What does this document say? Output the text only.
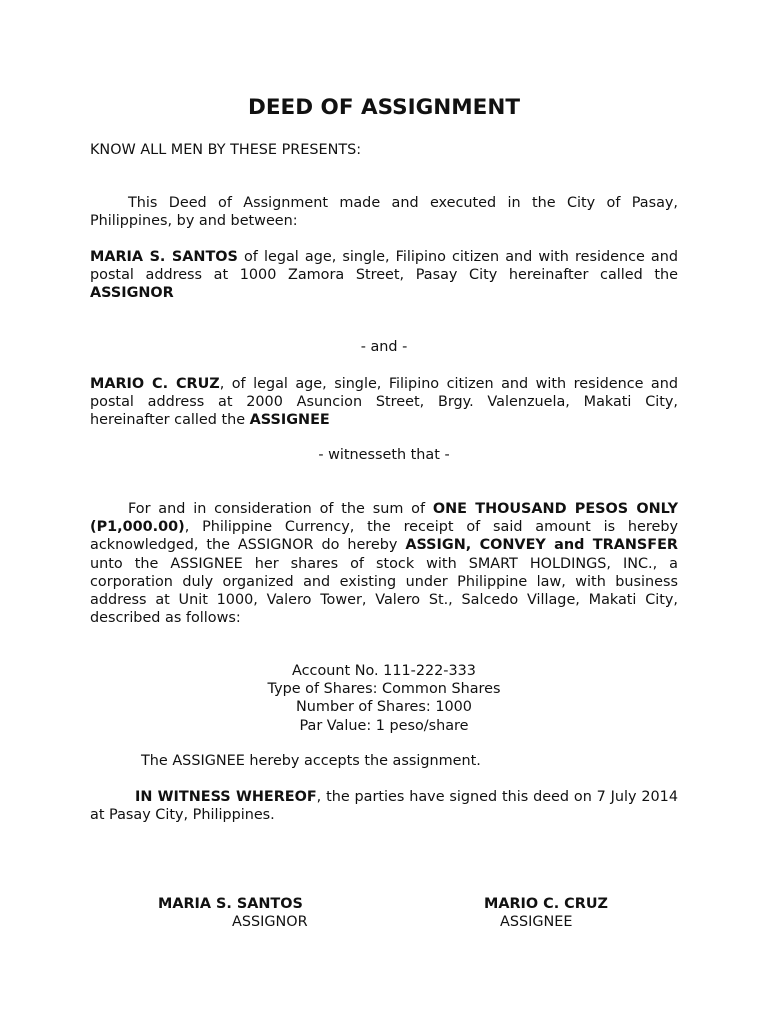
DEED OF ASSIGNMENT

KNOW ALL MEN BY THESE PRESENTS:

This Deed of Assignment made and executed in the City of Pasay, Philippines, by and between:

MARIA S. SANTOS of legal age, single, Filipino citizen and with residence and postal address at 1000 Zamora Street, Pasay City hereinafter called the ASSIGNOR

- and -

MARIO C. CRUZ, of legal age, single, Filipino citizen and with residence and postal address at 2000 Asuncion Street, Brgy. Valenzuela, Makati City, hereinafter called the ASSIGNEE

- witnesseth that -

For and in consideration of the sum of ONE THOUSAND PESOS ONLY (P1,000.00), Philippine Currency, the receipt of said amount is hereby acknowledged, the ASSIGNOR do hereby ASSIGN, CONVEY and TRANSFER unto the ASSIGNEE her shares of stock with SMART HOLDINGS, INC., a corporation duly organized and existing under Philippine law, with business address at Unit 1000, Valero Tower, Valero St., Salcedo Village, Makati City, described as follows:

Account No. 111-222-333
Type of Shares: Common Shares
Number of Shares: 1000
Par Value: 1 peso/share

The ASSIGNEE hereby accepts the assignment.

IN WITNESS WHEREOF, the parties have signed this deed on 7 July 2014 at Pasay City, Philippines.

MARIA S. SANTOS
ASSIGNOR
MARIO C. CRUZ
ASSIGNEE
